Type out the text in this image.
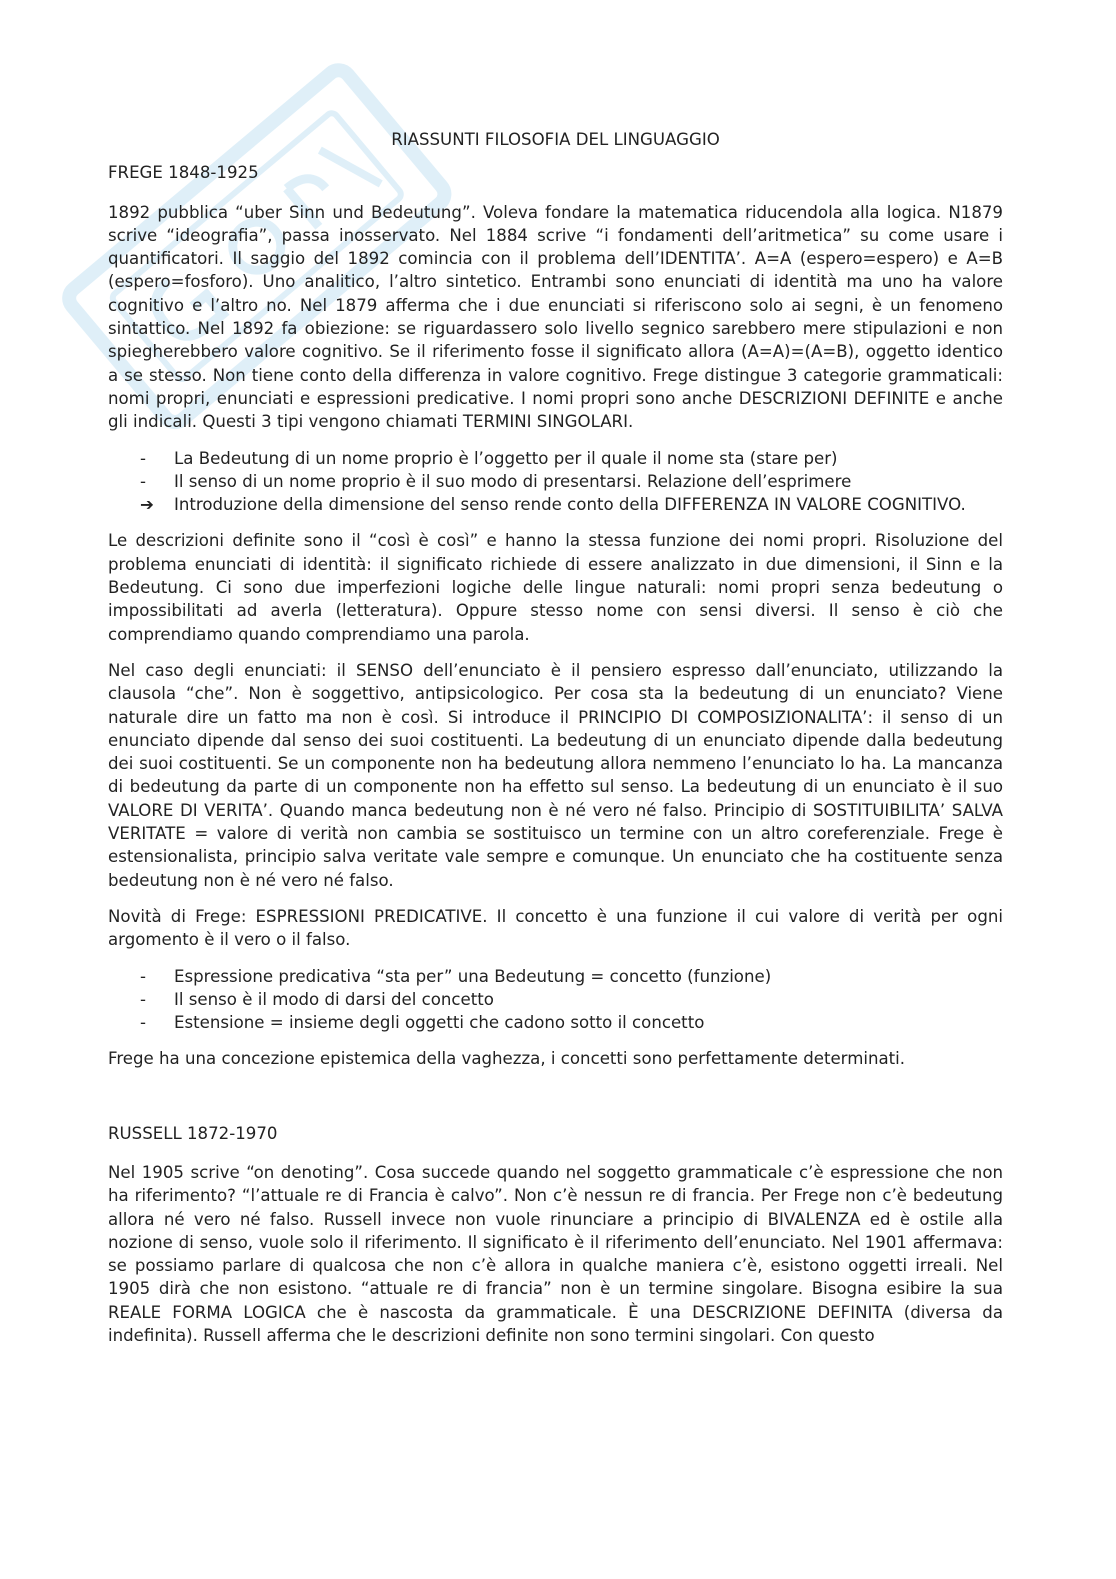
RIASSUNTI FILOSOFIA DEL LINGUAGGIO
FREGE 1848-1925

1892 pubblica “uber Sinn und Bedeutung”. Voleva fondare la matematica riducendola alla logica. N1879 scrive “ideografia”, passa inosservato. Nel 1884 scrive “i fondamenti dell’aritmetica” su come usare i quantificatori. Il saggio del 1892 comincia con il problema dell’IDENTITA’. A=A (espero=espero) e A=B (espero=fosforo). Uno analitico, l’altro sintetico. Entrambi sono enunciati di identità ma uno ha valore cognitivo e l’altro no. Nel 1879 afferma che i due enunciati si riferiscono solo ai segni, è un fenomeno sintattico. Nel 1892 fa obiezione: se riguardassero solo livello segnico sarebbero mere stipulazioni e non spiegherebbero valore cognitivo. Se il riferimento fosse il significato allora (A=A)=(A=B), oggetto identico a se stesso. Non tiene conto della differenza in valore cognitivo. Frege distingue 3 categorie grammaticali: nomi propri, enunciati e espressioni predicative. I nomi propri sono anche DESCRIZIONI DEFINITE e anche gli indicali. Questi 3 tipi vengono chiamati TERMINI SINGOLARI.

- La Bedeutung di un nome proprio è l’oggetto per il quale il nome sta (stare per)
- Il senso di un nome proprio è il suo modo di presentarsi. Relazione dell’esprimere
➔ Introduzione della dimensione del senso rende conto della DIFFERENZA IN VALORE COGNITIVO.

Le descrizioni definite sono il “così è così” e hanno la stessa funzione dei nomi propri. Risoluzione del problema enunciati di identità: il significato richiede di essere analizzato in due dimensioni, il Sinn e la Bedeutung. Ci sono due imperfezioni logiche delle lingue naturali: nomi propri senza bedeutung o impossibilitati ad averla (letteratura). Oppure stesso nome con sensi diversi. Il senso è ciò che comprendiamo quando comprendiamo una parola.

Nel caso degli enunciati: il SENSO dell’enunciato è il pensiero espresso dall’enunciato, utilizzando la clausola “che”. Non è soggettivo, antipsicologico. Per cosa sta la bedeutung di un enunciato? Viene naturale dire un fatto ma non è così. Si introduce il PRINCIPIO DI COMPOSIZIONALITA’: il senso di un enunciato dipende dal senso dei suoi costituenti. La bedeutung di un enunciato dipende dalla bedeutung dei suoi costituenti. Se un componente non ha bedeutung allora nemmeno l’enunciato lo ha. La mancanza di bedeutung da parte di un componente non ha effetto sul senso. La bedeutung di un enunciato è il suo VALORE DI VERITA’. Quando manca bedeutung non è né vero né falso. Principio di SOSTITUIBILITA’ SALVA VERITATE = valore di verità non cambia se sostituisco un termine con un altro coreferenziale. Frege è estensionalista, principio salva veritate vale sempre e comunque. Un enunciato che ha costituente senza bedeutung non è né vero né falso.

Novità di Frege: ESPRESSIONI PREDICATIVE. Il concetto è una funzione il cui valore di verità per ogni argomento è il vero o il falso.

- Espressione predicativa “sta per” una Bedeutung = concetto (funzione)
- Il senso è il modo di darsi del concetto
- Estensione = insieme degli oggetti che cadono sotto il concetto

Frege ha una concezione epistemica della vaghezza, i concetti sono perfettamente determinati.

RUSSELL 1872-1970

Nel 1905 scrive “on denoting”. Cosa succede quando nel soggetto grammaticale c’è espressione che non ha riferimento? “l’attuale re di Francia è calvo”. Non c’è nessun re di francia. Per Frege non c’è bedeutung allora né vero né falso. Russell invece non vuole rinunciare a principio di BIVALENZA ed è ostile alla nozione di senso, vuole solo il riferimento. Il significato è il riferimento dell’enunciato. Nel 1901 affermava: se possiamo parlare di qualcosa che non c’è allora in qualche maniera c’è, esistono oggetti irreali. Nel 1905 dirà che non esistono. “attuale re di francia” non è un termine singolare. Bisogna esibire la sua REALE FORMA LOGICA che è nascosta da grammaticale. È una DESCRIZIONE DEFINITA (diversa da indefinita). Russell afferma che le descrizioni definite non sono termini singolari. Con questo
